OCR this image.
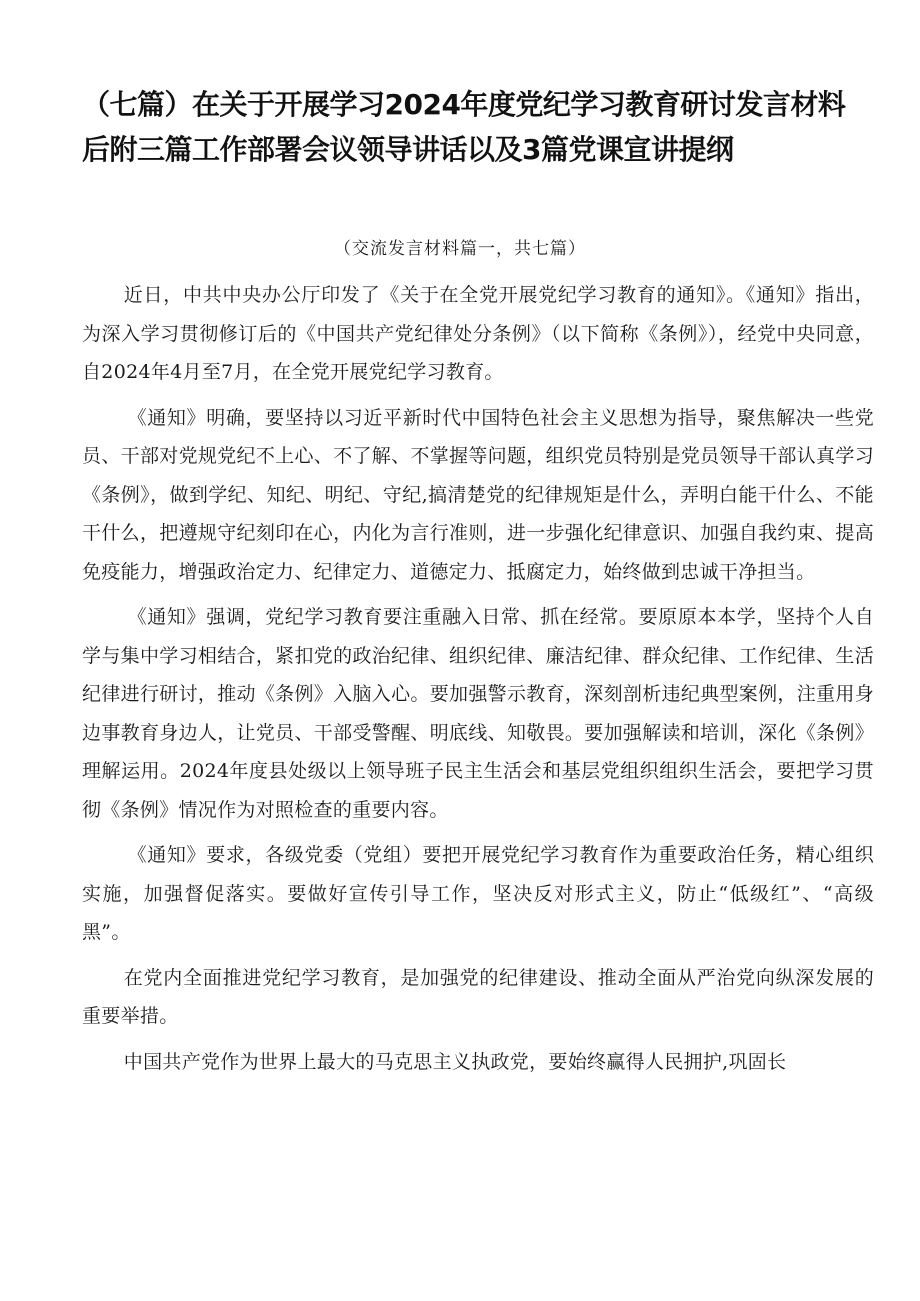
（七篇）在关于开展学习2024年度党纪学习教育研讨发言材料后附三篇工作部署会议领导讲话以及3篇党课宣讲提纲
（交流发言材料篇一，共七篇）

近日，中共中央办公厅印发了《关于在全党开展党纪学习教育的通知》。《通知》指出，为深入学习贯彻修订后的《中国共产党纪律处分条例》（以下简称《条例》），经党中央同意，自2024年4月至7月，在全党开展党纪学习教育。

《通知》明确，要坚持以习近平新时代中国特色社会主义思想为指导，聚焦解决一些党员、干部对党规党纪不上心、不了解、不掌握等问题，组织党员特别是党员领导干部认真学习《条例》，做到学纪、知纪、明纪、守纪,搞清楚党的纪律规矩是什么，弄明白能干什么、不能干什么，把遵规守纪刻印在心，内化为言行准则，进一步强化纪律意识、加强自我约束、提高免疫能力，增强政治定力、纪律定力、道德定力、抵腐定力，始终做到忠诚干净担当。

《通知》强调，党纪学习教育要注重融入日常、抓在经常。要原原本本学，坚持个人自学与集中学习相结合，紧扣党的政治纪律、组织纪律、廉洁纪律、群众纪律、工作纪律、生活纪律进行研讨，推动《条例》入脑入心。要加强警示教育，深刻剖析违纪典型案例，注重用身边事教育身边人，让党员、干部受警醒、明底线、知敬畏。要加强解读和培训，深化《条例》理解运用。2024年度县处级以上领导班子民主生活会和基层党组织组织生活会，要把学习贯彻《条例》情况作为对照检查的重要内容。

《通知》要求，各级党委（党组）要把开展党纪学习教育作为重要政治任务，精心组织实施，加强督促落实。要做好宣传引导工作，坚决反对形式主义，防止“低级红”、“高级黑”。

在党内全面推进党纪学习教育，是加强党的纪律建设、推动全面从严治党向纵深发展的重要举措。

中国共产党作为世界上最大的马克思主义执政党，要始终赢得人民拥护,巩固长
